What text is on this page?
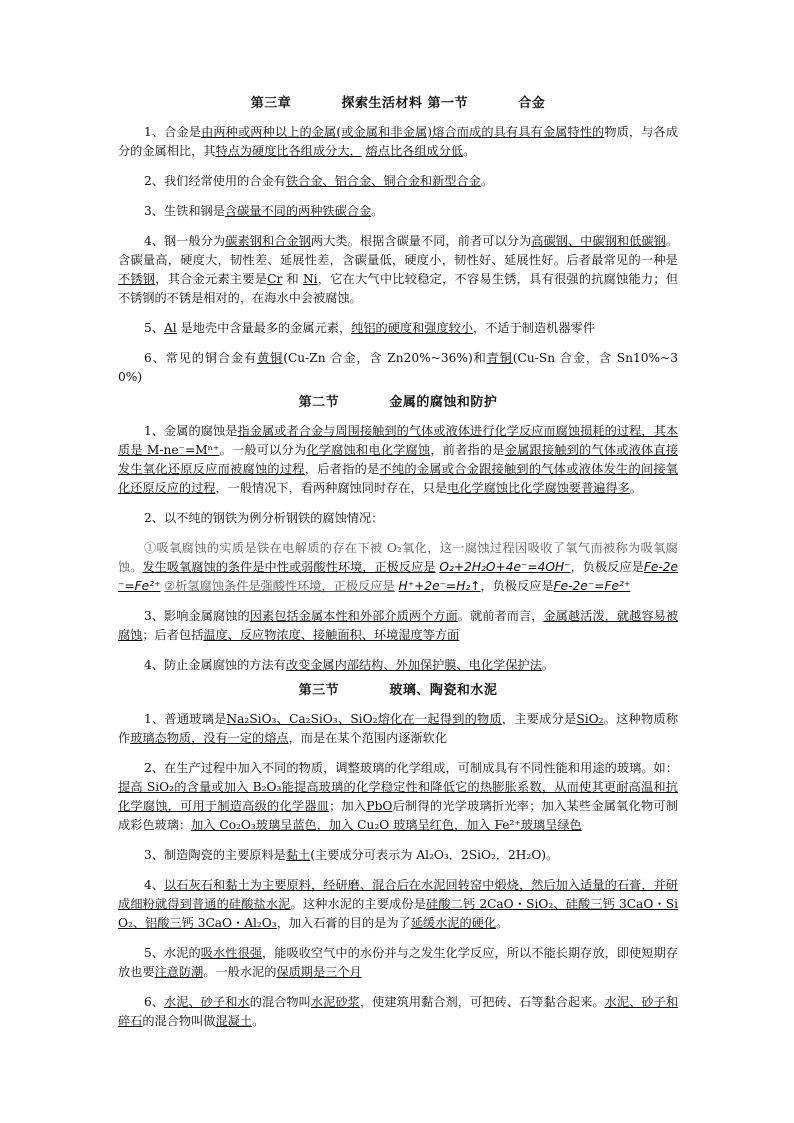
第三章          探索生活材料 第一节          合金

1、合金是由两种或两种以上的金属(或金属和非金属)熔合而成的具有具有金属特性的物质，与各成分的金属相比，其特点为硬度比各组成分大， 熔点比各组成分低。

2、我们经常使用的合金有铁合金、铝合金、铜合金和新型合金。

3、生铁和钢是含碳量不同的两种铁碳合金。

4、钢一般分为碳素钢和合金钢两大类。根据含碳量不同，前者可以分为高碳钢、中碳钢和低碳钢。含碳量高，硬度大，韧性差、延展性差，含碳量低，硬度小，韧性好、延展性好。后者最常见的一种是不锈钢，其合金元素主要是Cr 和 Ni，它在大气中比较稳定，不容易生锈，具有很强的抗腐蚀能力；但不锈钢的不锈是相对的，在海水中会被腐蚀。

5、Al 是地壳中含量最多的金属元素，纯铝的硬度和强度较小，不适于制造机器零件

6、常见的铜合金有黄铜(Cu-Zn 合金，含 Zn20%~36%)和青铜(Cu-Sn 合金，含 Sn10%~30%)

第二节          金属的腐蚀和防护

1、金属的腐蚀是指金属或者合金与周围接触到的气体或液体进行化学反应而腐蚀损耗的过程，其本质是 M-ne⁻=Mⁿ⁺。一般可以分为化学腐蚀和电化学腐蚀，前者指的是金属跟接触到的气体或液体直接发生氧化还原反应而被腐蚀的过程，后者指的是不纯的金属或合金跟接触到的气体或液体发生的间接氧化还原反应的过程，一般情况下，看两种腐蚀同时存在，只是电化学腐蚀比化学腐蚀要普遍得多。

2、以不纯的钢铁为例分析钢铁的腐蚀情况：

①吸氧腐蚀的实质是铁在电解质的存在下被 O₂氧化，这一腐蚀过程因吸收了氧气而被称为吸氧腐蚀。发生吸氧腐蚀的条件是中性或弱酸性环境，正极反应是 O₂+2H₂O+4e⁻=4OH⁻，负极反应是Fe-2e⁻=Fe²⁺ ②析氢腐蚀条件是强酸性环境，正极反应是 H⁺+2e⁻=H₂↑，负极反应是Fe-2e⁻=Fe²⁺

3、影响金属腐蚀的因素包括金属本性和外部介质两个方面。就前者而言，金属越活泼，就越容易被腐蚀；后者包括温度、反应物浓度、接触面积、环境湿度等方面

4、防止金属腐蚀的方法有改变金属内部结构、外加保护膜、电化学保护法。

第三节          玻璃、陶瓷和水泥

1、普通玻璃是Na₂SiO₃、Ca₂SiO₃、SiO₂熔化在一起得到的物质，主要成分是SiO₂。这种物质称作玻璃态物质，没有一定的熔点，而是在某个范围内逐渐软化

2、在生产过程中加入不同的物质，调整玻璃的化学组成，可制成具有不同性能和用途的玻璃。如：提高 SiO₂的含量或加入 B₂O₃能提高玻璃的化学稳定性和降低它的热膨胀系数，从而使其更耐高温和抗化学腐蚀，可用于制造高级的化学器皿；加入PbO后制得的光学玻璃折光率；加入某些金属氧化物可制成彩色玻璃：加入 Co₂O₃玻璃呈蓝色，加入 Cu₂O 玻璃呈红色，加入 Fe²⁺玻璃呈绿色

3、制造陶瓷的主要原料是黏土(主要成分可表示为 Al₂O₃．2SiO₂．2H₂O)。

4、以石灰石和黏土为主要原料，经研磨、混合后在水泥回转窑中煅烧，然后加入适量的石膏，并研成细粉就得到普通的硅酸盐水泥。这种水泥的主要成份是硅酸二钙 2CaO・SiO₂、硅酸三钙 3CaO・SiO₂、铝酸三钙 3CaO・Al₂O₃，加入石膏的目的是为了延缓水泥的硬化。

5、水泥的吸水性很强，能吸收空气中的水份并与之发生化学反应，所以不能长期存放，即使短期存放也要注意防潮。一般水泥的保质期是三个月

6、水泥、砂子和水的混合物叫水泥砂浆，使建筑用黏合剂，可把砖、石等黏合起来。水泥、砂子和碎石的混合物叫做混凝土。
